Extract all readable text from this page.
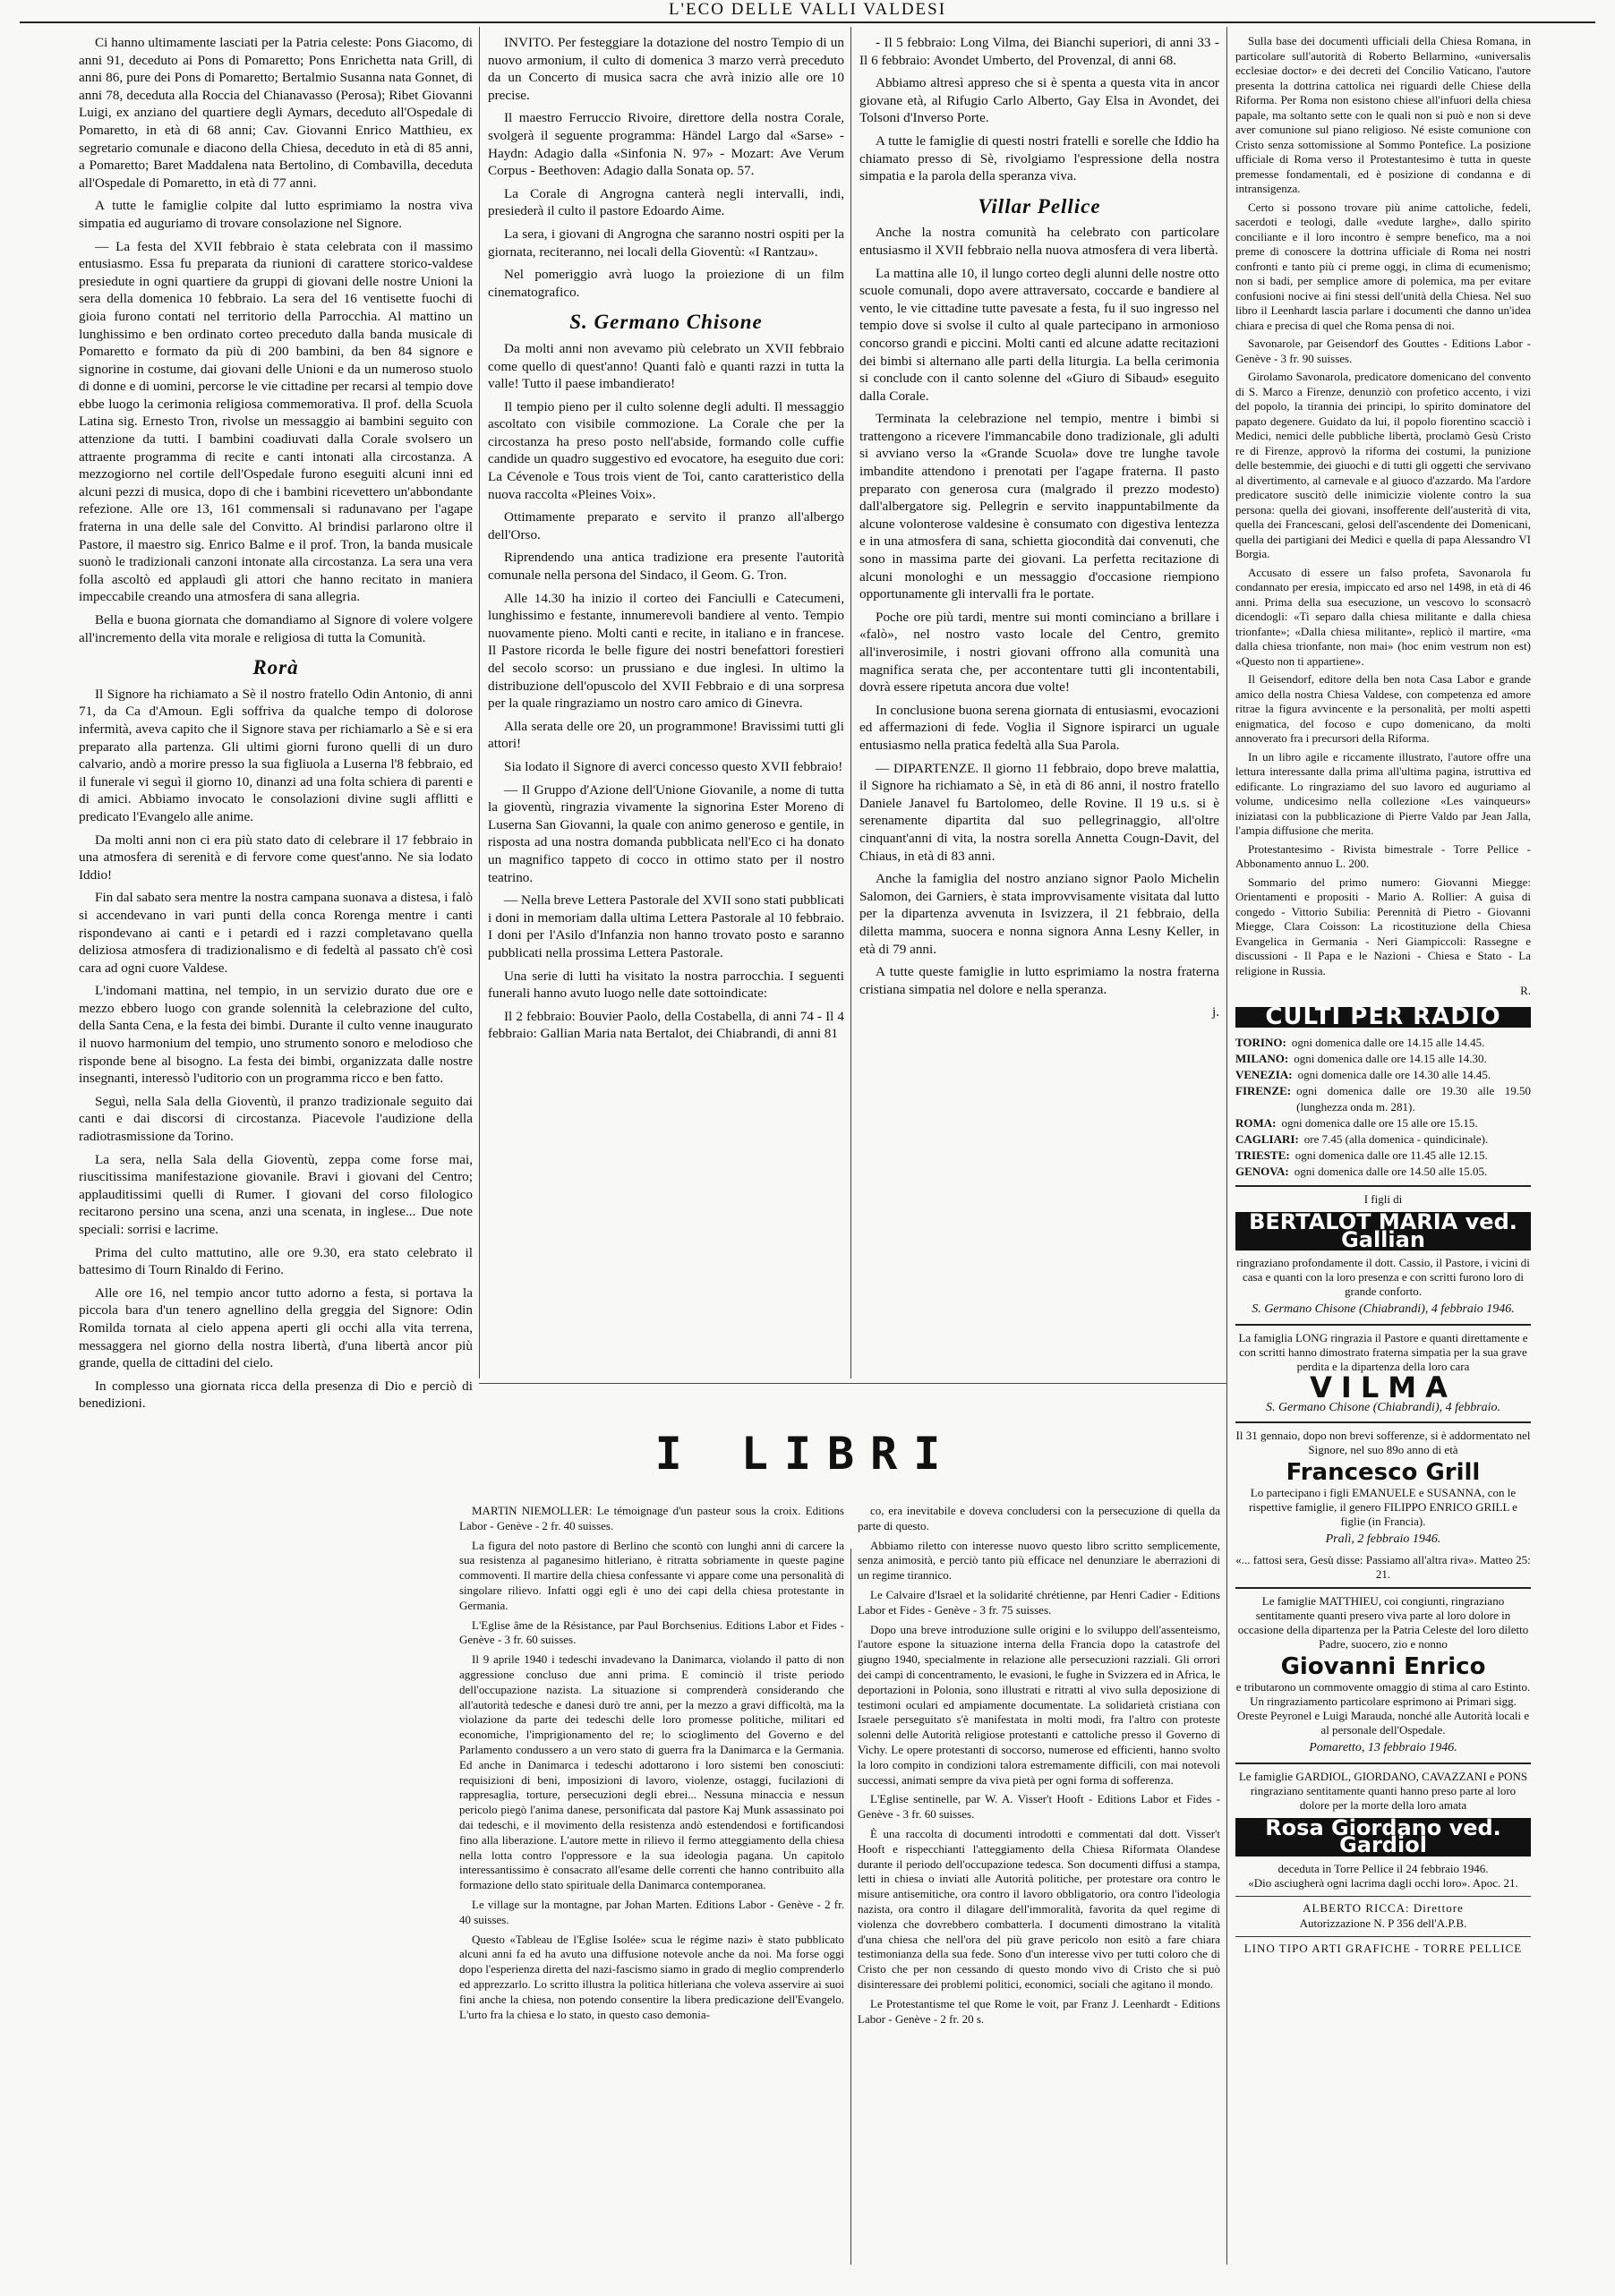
L'ECO DELLE VALLI VALDESI

Ci hanno ultimamente lasciati per la Patria celeste: Pons Giacomo, di anni 91, deceduto ai Pons di Pomaretto; Pons Enrichetta nata Grill, di anni 86, pure dei Pons di Pomaretto; Bertalmio Susanna nata Gonnet, di anni 78, deceduta alla Roccia del Chianavasso (Perosa); Ribet Giovanni Luigi, ex anziano del quartiere degli Aymars, deceduto all'Ospedale di Pomaretto, in età di 68 anni; Cav. Giovanni Enrico Matthieu, ex segretario comunale e diacono della Chiesa, deceduto in età di 85 anni, a Pomaretto; Baret Maddalena nata Bertolino, di Combavilla, deceduta all'Ospedale di Pomaretto, in età di 77 anni.

A tutte le famiglie colpite dal lutto esprimiamo la nostra viva simpatia ed auguriamo di trovare consolazione nel Signore.

— La festa del XVII febbraio è stata celebrata con il massimo entusiasmo. Essa fu preparata da riunioni di carattere storico-valdese presiedute in ogni quartiere da gruppi di giovani delle nostre Unioni la sera della domenica 10 febbraio. La sera del 16 ventisette fuochi di gioia furono contati nel territorio della Parrocchia. Al mattino un lunghissimo e ben ordinato corteo preceduto dalla banda musicale di Pomaretto e formato da più di 200 bambini, da ben 84 signore e signorine in costume, dai giovani delle Unioni e da un numeroso stuolo di donne e di uomini, percorse le vie cittadine per recarsi al tempio dove ebbe luogo la cerimonia religiosa commemorativa. Il prof. della Scuola Latina sig. Ernesto Tron, rivolse un messaggio ai bambini seguito con attenzione da tutti. I bambini coadiuvati dalla Corale svolsero un attraente programma di recite e canti intonati alla circostanza. A mezzogiorno nel cortile dell'Ospedale furono eseguiti alcuni inni ed alcuni pezzi di musica, dopo di che i bambini ricevettero un'abbondante refezione. Alle ore 13, 161 commensali si radunavano per l'agape fraterna in una delle sale del Convitto. Al brindisi parlarono oltre il Pastore, il maestro sig. Enrico Balme e il prof. Tron, la banda musicale suonò le tradizionali canzoni intonate alla circostanza. La sera una vera folla ascoltò ed applaudì gli attori che hanno recitato in maniera impeccabile creando una atmosfera di sana allegria.

Bella e buona giornata che domandiamo al Signore di volere volgere all'incremento della vita morale e religiosa di tutta la Comunità.

Rorà

Il Signore ha richiamato a Sè il nostro fratello Odin Antonio, di anni 71, da Ca d'Amoun. Egli soffriva da qualche tempo di dolorose infermità, aveva capito che il Signore stava per richiamarlo a Sè e si era preparato alla partenza. Gli ultimi giorni furono quelli di un duro calvario, andò a morire presso la sua figliuola a Luserna l'8 febbraio, ed il funerale vi seguì il giorno 10, dinanzi ad una folta schiera di parenti e di amici. Abbiamo invocato le consolazioni divine sugli afflitti e predicato l'Evangelo alle anime.

Da molti anni non ci era più stato dato di celebrare il 17 febbraio in una atmosfera di serenità e di fervore come quest'anno. Ne sia lodato Iddio!

Fin dal sabato sera mentre la nostra campana suonava a distesa, i falò si accendevano in vari punti della conca Rorenga mentre i canti rispondevano ai canti e i petardi ed i razzi completavano quella deliziosa atmosfera di tradizionalismo e di fedeltà al passato ch'è così cara ad ogni cuore Valdese.

L'indomani mattina, nel tempio, in un servizio durato due ore e mezzo ebbero luogo con grande solennità la celebrazione del culto, della Santa Cena, e la festa dei bimbi. Durante il culto venne inaugurato il nuovo harmonium del tempio, uno strumento sonoro e melodioso che risponde bene al bisogno. La festa dei bimbi, organizzata dalle nostre insegnanti, interessò l'uditorio con un programma ricco e ben fatto.

Seguì, nella Sala della Gioventù, il pranzo tradizionale seguito dai canti e dai discorsi di circostanza. Piacevole l'audizione della radiotrasmissione da Torino.

La sera, nella Sala della Gioventù, zeppa come forse mai, riuscitissima manifestazione giovanile. Bravi i giovani del Centro; applauditissimi quelli di Rumer. I giovani del corso filologico recitarono persino una scena, anzi una scenata, in inglese... Due note speciali: sorrisi e lacrime.

Prima del culto mattutino, alle ore 9.30, era stato celebrato il battesimo di Tourn Rinaldo di Ferino.

Alle ore 16, nel tempio ancor tutto adorno a festa, si portava la piccola bara d'un tenero agnellino della greggia del Signore: Odin Romilda tornata al cielo appena aperti gli occhi alla vita terrena, messaggera nel giorno della nostra libertà, d'una libertà ancor più grande, quella de cittadini del cielo.

In complesso una giornata ricca della presenza di Dio e perciò di benedizioni.

INVITO. Per festeggiare la dotazione del nostro Tempio di un nuovo armonium, il culto di domenica 3 marzo verrà preceduto da un Concerto di musica sacra che avrà inizio alle ore 10 precise.

Il maestro Ferruccio Rivoire, direttore della nostra Corale, svolgerà il seguente programma: Händel Largo dal «Sarse» - Haydn: Adagio dalla «Sinfonia N. 97» - Mozart: Ave Verum Corpus - Beethoven: Adagio dalla Sonata op. 57.

La Corale di Angrogna canterà negli intervalli, indi, presiederà il culto il pastore Edoardo Aime.

La sera, i giovani di Angrogna che saranno nostri ospiti per la giornata, reciteranno, nei locali della Gioventù: «I Rantzau».

Nel pomeriggio avrà luogo la proiezione di un film cinematografico.

S. Germano Chisone

Da molti anni non avevamo più celebrato un XVII febbraio come quello di quest'anno! Quanti falò e quanti razzi in tutta la valle! Tutto il paese imbandierato!

Il tempio pieno per il culto solenne degli adulti. Il messaggio ascoltato con visibile commozione. La Corale che per la circostanza ha preso posto nell'abside, formando colle cuffie candide un quadro suggestivo ed evocatore, ha eseguito due cori: La Cévenole e Tous trois vient de Toi, canto caratteristico della nuova raccolta «Pleines Voix».

Ottimamente preparato e servito il pranzo all'albergo dell'Orso.

Riprendendo una antica tradizione era presente l'autorità comunale nella persona del Sindaco, il Geom. G. Tron.

Alle 14.30 ha inizio il corteo dei Fanciulli e Catecumeni, lunghissimo e festante, innumerevoli bandiere al vento. Tempio nuovamente pieno. Molti canti e recite, in italiano e in francese. Il Pastore ricorda le belle figure dei nostri benefattori forestieri del secolo scorso: un prussiano e due inglesi. In ultimo la distribuzione dell'opuscolo del XVII Febbraio e di una sorpresa per la quale ringraziamo un nostro caro amico di Ginevra.

Alla serata delle ore 20, un programmone! Bravissimi tutti gli attori!

Sia lodato il Signore di averci concesso questo XVII febbraio!

— Il Gruppo d'Azione dell'Unione Giovanile, a nome di tutta la gioventù, ringrazia vivamente la signorina Ester Moreno di Lusernа San Giovanni, la quale con animo generoso e gentile, in risposta ad una nostra domanda pubblicata nell'Eco ci ha donato un magnifico tappeto di cocco in ottimo stato per il nostro teatrino.

— Nella breve Lettera Pastorale del XVII sono stati pubblicati i doni in memoriam dalla ultima Lettera Pastorale al 10 febbraio. I doni per l'Asilo d'Infanzia non hanno trovato posto e saranno pubblicati nella prossima Lettera Pastorale.

Una serie di lutti ha visitato la nostra parrocchia. I seguenti funerali hanno avuto luogo nelle date sottoindicate:

Il 2 febbraio: Bouvier Paolo, della Costabella, di anni 74 - Il 4 febbraio: Gallian Maria nata Bertalot, dei Chiabrandi, di anni 81

- Il 5 febbraio: Long Vilma, dei Bianchi superiori, di anni 33 - Il 6 febbraio: Avondet Umberto, del Provenzal, di anni 68.

Abbiamo altresì appreso che si è spenta a questa vita in ancor giovane età, al Rifugio Carlo Alberto, Gay Elsa in Avondet, dei Tolsoni d'Inverso Porte.

A tutte le famiglie di questi nostri fratelli e sorelle che Iddio ha chiamato presso di Sè, rivolgiamo l'espressione della nostra simpatia e la parola della speranza viva.

Villar Pellice

Anche la nostra comunità ha celebrato con particolare entusiasmo il XVII febbraio nella nuova atmosfera di vera libertà.

La mattina alle 10, il lungo corteo degli alunni delle nostre otto scuole comunali, dopo avere attraversato, coccarde e bandiere al vento, le vie cittadine tutte pavesate a festa, fu il suo ingresso nel tempio dove si svolse il culto al quale partecipano in armonioso concorso grandi e piccini. Molti canti ed alcune adatte recitazioni dei bimbi si alternano alle parti della liturgia. La bella cerimonia si conclude con il canto solenne del «Giuro di Sibaud» eseguito dalla Corale.

Terminata la celebrazione nel tempio, mentre i bimbi si trattengono a ricevere l'immancabile dono tradizionale, gli adulti si avviano verso la «Grande Scuola» dove tre lunghe tavole imbandite attendono i prenotati per l'agape fraterna. Il pasto preparato con generosa cura (malgrado il prezzo modesto) dall'albergatore sig. Pellegrin e servito inappuntabilmente da alcune volonterose valdesine è consumato con digestiva lentezza e in una atmosfera di sana, schietta giocondità dai convenuti, che sono in massima parte dei giovani. La perfetta recitazione di alcuni monologhi e un messaggio d'occasione riempiono opportunamente gli intervalli fra le portate.

Poche ore più tardi, mentre sui monti cominciano a brillare i «falò», nel nostro vasto locale del Centro, gremito all'inverosimile, i nostri giovani offrono alla comunità una magnifica serata che, per accontentare tutti gli incontentabili, dovrà essere ripetuta ancora due volte!

In conclusione buona serena giornata di entusiasmi, evocazioni ed affermazioni di fede. Voglia il Signore ispirarci un uguale entusiasmo nella pratica fedeltà alla Sua Parola.

— DIPARTENZE. Il giorno 11 febbraio, dopo breve malattia, il Signore ha richiamato a Sè, in età di 86 anni, il nostro fratello Daniele Janavel fu Bartolomeo, delle Rovine. Il 19 u.s. si è serenamente dipartita dal suo pellegrinaggio, all'oltre cinquant'anni di vita, la nostra sorella Annetta Cougn-Davit, del Chiaus, in età di 83 anni.

Anche la famiglia del nostro anziano signor Paolo Michelin Salomon, dei Garniers, è stata improvvisamente visitata dal lutto per la dipartenza avvenuta in Isvizzera, il 21 febbraio, della diletta mamma, suocera e nonna signora Anna Lesny Keller, in età di 79 anni.

A tutte queste famiglie in lutto esprimiamo la nostra fraterna cristiana simpatia nel dolore e nella speranza.

j.

Sulla base dei documenti ufficiali della Chiesa Romana, in particolare sull'autorità di Roberto Bellarmino, «universalis ecclesiae doctor» e dei decreti del Concilio Vaticano, l'autore presenta la dottrina cattolica nei riguardi delle Chiese della Riforma. Per Roma non esistono chiese all'infuori della chiesa papale, ma soltanto sette con le quali non si può e non si deve aver comunione sul piano religioso. Né esiste comunione con Cristo senza sottomissione al Sommo Pontefice. La posizione ufficiale di Roma verso il Protestantesimo è tutta in queste premesse fondamentali, ed è posizione di condanna e di intransigenza.

Certo si possono trovare più anime cattoliche, fedeli, sacerdoti e teologi, dalle «vedute larghe», dallo spirito conciliante e il loro incontro è sempre benefico, ma a noi preme di conoscere la dottrina ufficiale di Roma nei nostri confronti e tanto più ci preme oggi, in clima di ecumenismo; non si badi, per semplice amore di polemica, ma per evitare confusioni nocive ai fini stessi dell'unità della Chiesa. Nel suo libro il Leenhardt lascia parlare i documenti che danno un'idea chiara e precisa di quel che Roma pensa di noi.

Savonarole, par Geisendorf des Gouttes - Editions Labor - Genève - 3 fr. 90 suisses.

Girolamo Savonarola, predicatore domenicano del convento di S. Marco a Firenze, denunziò con profetico accento, i vizi del popolo, la tirannia dei principi, lo spirito dominatore del papato degenere. Guidato da lui, il popolo fiorentino scacciò i Medici, nemici delle pubbliche libertà, proclamò Gesù Cristo re di Firenze, approvò la riforma dei costumi, la punizione delle bestemmie, dei giuochi e di tutti gli oggetti che servivano al divertimento, al carnevale e al giuoco d'azzardo. Ma l'ardore predicatore suscitò delle inimicizie violente contro la sua persona: quella dei giovani, insofferente dell'austerità di vita, quella dei Francescani, gelosi dell'ascendente dei Domenicani, quella dei partigiani dei Medici e quella di papa Alessandro VI Borgia.

Accusato di essere un falso profeta, Savonarola fu condannato per eresia, impiccato ed arso nel 1498, in età di 46 anni. Prima della sua esecuzione, un vescovo lo sconsacrò dicendogli: «Ti separo dalla chiesa militante e dalla chiesa trionfante»; «Dalla chiesa militante», replicò il martire, «ma dalla chiesa trionfante, non mai» (hoc enim vestrum non est) «Questo non ti appartiene».

Il Geisendorf, editore della ben nota Casa Labor e grande amico della nostra Chiesa Valdese, con competenza ed amore ritrae la figura avvincente e la personalità, per molti aspetti enigmatica, del focoso e cupo domenicano, da molti annoverato fra i precursori della Riforma.

In un libro agile e riccamente illustrato, l'autore offre una lettura interessante dalla prima all'ultima pagina, istruttiva ed edificante. Lo ringraziamo del suo lavoro ed auguriamo al volume, undicesimo nella collezione «Les vainqueurs» iniziatasi con la pubblicazione di Pierre Valdo par Jean Jalla, l'ampia diffusione che merita.

Protestantesimo - Rivista bimestrale - Torre Pellice - Abbonamento annuo L. 200.

Sommario del primo numero: Giovanni Miegge: Orientamenti e propositi - Mario A. Rollier: A guisa di congedo - Vittorio Subilia: Perennità di Pietro - Giovanni Miegge, Clara Coisson: La ricostituzione della Chiesa Evangelica in Germania - Neri Giampiccoli: Rassegne e discussioni - Il Papa e le Nazioni - Chiesa e Stato - La religione in Russia.

R.
CULTI PER RADIO
TORINO: ogni domenica dalle ore 14.15 alle 14.45.
MILANO: ogni domenica dalle ore 14.15 alle 14.30.
VENEZIA: ogni domenica dalle ore 14.30 alle 14.45.
FIRENZE: ogni domenica dalle ore 19.30 alle 19.50 (lunghezza onda m. 281).
ROMA: ogni domenica dalle ore 15 alle ore 15.15.
CAGLIARI: ore 7.45 (alla domenica - quindicinale).
TRIESTE: ogni domenica dalle ore 11.45 alle 12.15.
GENOVA: ogni domenica dalle ore 14.50 alle 15.05.
I figli di
BERTALOT MARIA ved. Gallian
ringraziano profondamente il dott. Cassio, il Pastore, i vicini di casa e quanti con la loro presenza e con scritti furono loro di grande conforto.
S. Germano Chisone (Chiabrandi), 4 febbraio 1946.
La famiglia LONG ringrazia il Pastore e quanti direttamente e con scritti hanno dimostrato fraterna simpatia per la sua grave perdita e la dipartenza della loro cara
VILMA
S. Germano Chisone (Chiabrandi), 4 febbraio.
Il 31 gennaio, dopo non brevi sofferenze, si è addormentato nel Signore, nel suo 89o anno di età
Francesco Grill
Lo partecipano i figli EMANUELE e SUSANNA, con le rispettive famiglie, il genero FILIPPO ENRICO GRILL e figlie (in Francia).
Pralì, 2 febbraio 1946.
«... fattosi sera, Gesù disse: Passiamo all'altra riva». Matteo 25: 21.
Le famiglie MATTHIEU, coi congiunti, ringraziano sentitamente quanti presero viva parte al loro dolore in occasione della dipartenza per la Patria Celeste del loro diletto Padre, suocero, zio e nonno
Giovanni Enrico
e tributarono un commovente omaggio di stima al caro Estinto. Un ringraziamento particolare esprimono ai Primari sigg. Oreste Peyronel e Luigi Marauda, nonché alle Autorità locali e al personale dell'Ospedale.
Pomaretto, 13 febbraio 1946.
Le famiglie GARDIOL, GIORDANO, CAVAZZANI e PONS ringraziano sentitamente quanti hanno preso parte al loro dolore per la morte della loro amata
Rosa Giordano ved. Gardiol
deceduta in Torre Pellice il 24 febbraio 1946.
«Dio asciugherà ogni lacrima dagli occhi loro». Apoc. 21.
ALBERTO RICCA: Direttore
Autorizzazione N. P 356 dell'A.P.B.
LINO TIPO ARTI GRAFICHE - TORRE PELLICE
I LIBRI

MARTIN NIEMOLLER: Le témoignage d'un pasteur sous la croix. Editions Labor - Genève - 2 fr. 40 suisses.

La figura del noto pastore di Berlino che scontò con lunghi anni di carcere la sua resistenza al paganesimo hitleriano, è ritratta sobriamente in queste pagine commoventi. Il martire della chiesa confessante vi appare come una personalità di singolare rilievo. Infatti oggi egli è uno dei capi della chiesa protestante in Germania.

L'Eglise âme de la Résistance, par Paul Borchsenius. Editions Labor et Fides - Genève - 3 fr. 60 suisses.

Il 9 aprile 1940 i tedeschi invadevano la Danimarca, violando il patto di non aggressione concluso due anni prima. E cominciò il triste periodo dell'occupazione nazista. La situazione si comprenderà considerando che all'autorità tedesche e danesi durò tre anni, per la mezzo a gravi difficoltà, ma la violazione da parte dei tedeschi delle loro promesse politiche, militari ed economiche, l'imprigionamento del re; lo scioglimento del Governo e del Parlamento condussero a un vero stato di guerra fra la Danimarca e la Germania. Ed anche in Danimarca i tedeschi adottarono i loro sistemi ben conosciuti: requisizioni di beni, imposizioni di lavoro, violenze, ostaggi, fucilazioni di rappresaglia, torture, persecuzioni degli ebrei... Nessuna minaccia e nessun pericolo piegò l'anima danese, personificata dal pastore Kaj Munk assassinato poi dai tedeschi, e il movimento della resistenza andò estendendosi e fortificandosi fino alla liberazione. L'autore mette in rilievo il fermo atteggiamento della chiesa nella lotta contro l'oppressore e la sua ideologia pagana. Un capitolo interessantissimo è consacrato all'esame delle correnti che hanno contribuito alla formazione dello stato spirituale della Danimarca contemporanea.

Le village sur la montagne, par Johan Marten. Editions Labor - Genève - 2 fr. 40 suisses.

Questo «Tableau de l'Eglise Isolée» scua le régime nazi» è stato pubblicato alcuni anni fa ed ha avuto una diffusione notevole anche da noi. Ma forse oggi dopo l'esperienza diretta del nazi-fascismo siamo in grado di meglio comprenderlo ed apprezzarlo. Lo scritto illustra la politica hitleriana che voleva asservire ai suoi fini anche la chiesa, non potendo consentire la libera predicazione dell'Evangelo. L'urto fra la chiesa e lo stato, in questo caso demonia-

co, era inevitabile e doveva concludersi con la persecuzione di quella da parte di questo.

Abbiamo riletto con interesse nuovo questo libro scritto semplicemente, senza animosità, e perciò tanto più efficace nel denunziare le aberrazioni di un regime tirannico.

Le Calvaire d'Israel et la solidarité chrétienne, par Henri Cadier - Editions Labor et Fides - Genève - 3 fr. 75 suisses.

Dopo una breve introduzione sulle origini e lo sviluppo dell'assenteismo, l'autore espone la situazione interna della Francia dopo la catastrofe del giugno 1940, specialmente in relazione alle persecuzioni razziali. Gli orrori dei campi di concentramento, le evasioni, le fughe in Svizzera ed in Africa, le deportazioni in Polonia, sono illustrati e ritratti al vivo sulla deposizione di testimoni oculari ed ampiamente documentate. La solidarietà cristiana con Israele perseguitato s'è manifestata in molti modi, fra l'altro con proteste solenni delle Autorità religiose protestanti e cattoliche presso il Governo di Vichy. Le opere protestanti di soccorso, numerose ed efficienti, hanno svolto la loro compito in condizioni talora estremamente difficili, con mai notevoli successi, animati sempre da viva pietà per ogni forma di sofferenza.

L'Eglise sentinelle, par W. A. Visser't Hooft - Editions Labor et Fides - Genève - 3 fr. 60 suisses.

È una raccolta di documenti introdotti e commentati dal dott. Visser't Hooft e rispecchianti l'atteggiamento della Chiesa Riformata Olandese durante il periodo dell'occupazione tedesca. Son documenti diffusi a stampa, letti in chiesa o inviati alle Autorità politiche, per protestare ora contro le misure antisemitiche, ora contro il lavoro obbligatorio, ora contro l'ideologia nazista, ora contro il dilagare dell'immoralità, favorita da quel regime di violenza che dovrebbero combatterla. I documenti dimostrano la vitalità d'una chiesa che nell'ora del più grave pericolo non esitò a fare chiara testimonianza della sua fede. Sono d'un interesse vivo per tutti coloro che di Cristo che per non cessando di questo mondo vivo di Cristo che si può disinteressare dei problemi politici, economici, sociali che agitano il mondo.

Le Protestantisme tel que Rome le voit, par Franz J. Leenhardt - Editions Labor - Genève - 2 fr. 20 s.
